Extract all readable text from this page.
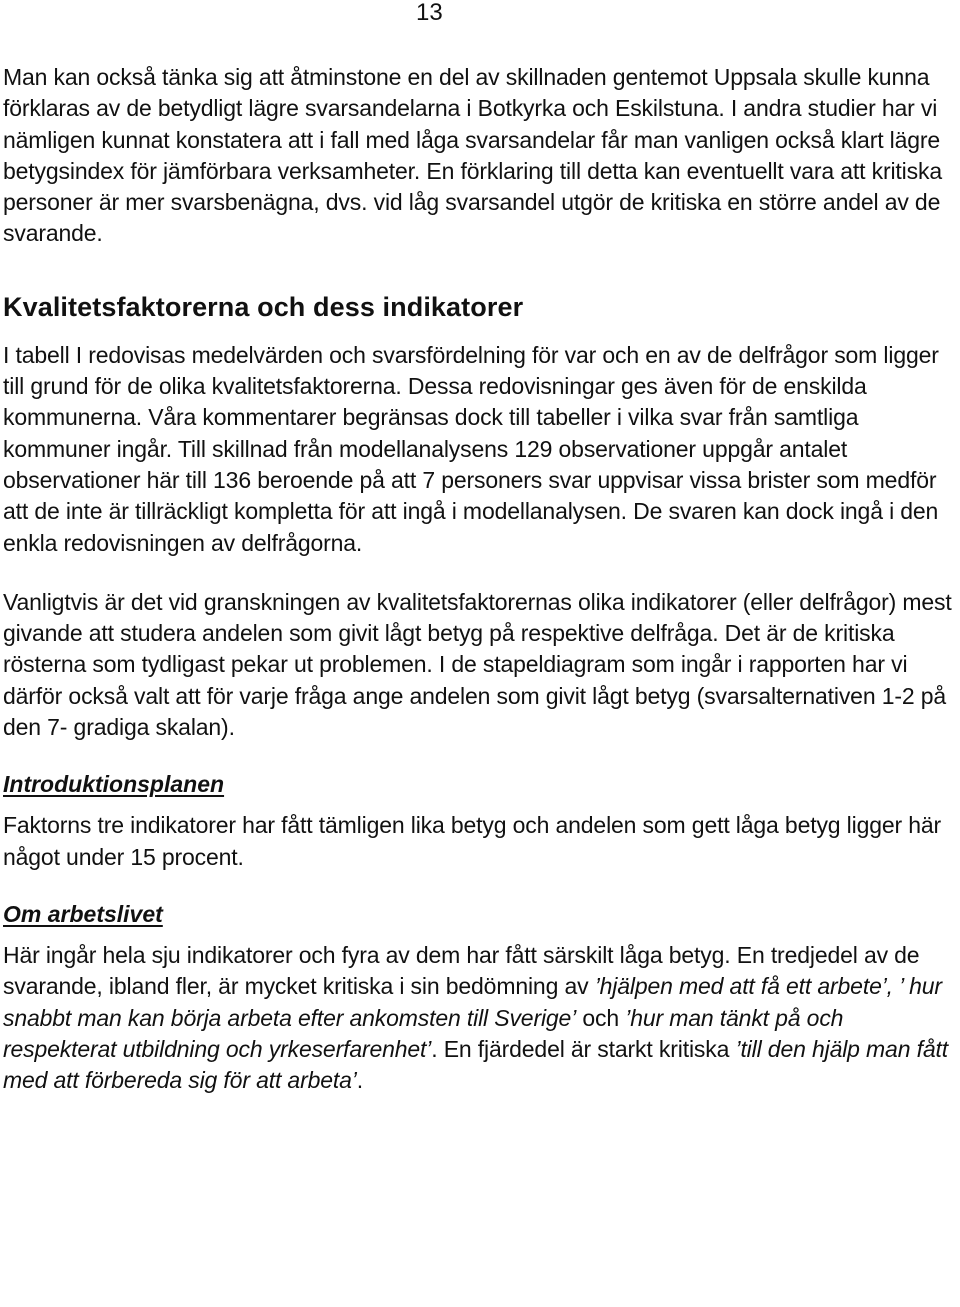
13

Man kan också tänka sig att åtminstone en del av skillnaden gentemot Uppsala skulle kunna förklaras av de betydligt lägre svarsandelarna i Botkyrka och Eskilstuna. I andra studier har vi nämligen kunnat konstatera att i fall med låga svarsandelar får man vanligen också klart lägre betygsindex för jämförbara verksamheter. En förklaring till detta kan eventuellt vara att kritiska personer är mer svarsbenägna, dvs. vid låg svarsandel utgör de kritiska en större andel av de svarande.

Kvalitetsfaktorerna och dess indikatorer

I tabell I redovisas medelvärden och svarsfördelning för var och en av de delfrågor som ligger till grund för de olika kvalitetsfaktorerna. Dessa redovisningar ges även för de enskilda kommunerna. Våra kommentarer begränsas dock till tabeller i vilka svar från samtliga kommuner ingår. Till skillnad från modellanalysens 129 observationer uppgår antalet observationer här till 136 beroende på att 7 personers svar uppvisar vissa brister som medför att de inte är tillräckligt kompletta för att ingå i modellanalysen. De svaren kan dock ingå i den enkla redovisningen av delfrågorna.

Vanligtvis är det vid granskningen av kvalitetsfaktorernas olika indikatorer (eller delfrågor) mest givande att studera andelen som givit lågt betyg på respektive delfråga. Det är de kritiska rösterna som tydligast pekar ut problemen. I de stapeldiagram som ingår i rapporten har vi därför också valt att för varje fråga ange andelen som givit lågt betyg (svarsalternativen 1-2 på den 7- gradiga skalan).

Introduktionsplanen

Faktorns tre indikatorer har fått tämligen lika betyg och andelen som gett låga betyg ligger här något under 15 procent.

Om arbetslivet

Här ingår hela sju indikatorer och fyra av dem har fått särskilt låga betyg. En tredjedel av de svarande, ibland fler, är mycket kritiska i sin bedömning av ’hjälpen med att få ett arbete’, ’ hur snabbt man kan börja arbeta efter ankomsten till Sverige’ och ’hur man tänkt på och respekterat utbildning och yrkeserfarenhet’. En fjärdedel är starkt kritiska ’till den hjälp man fått med att förbereda sig för att arbeta’.
